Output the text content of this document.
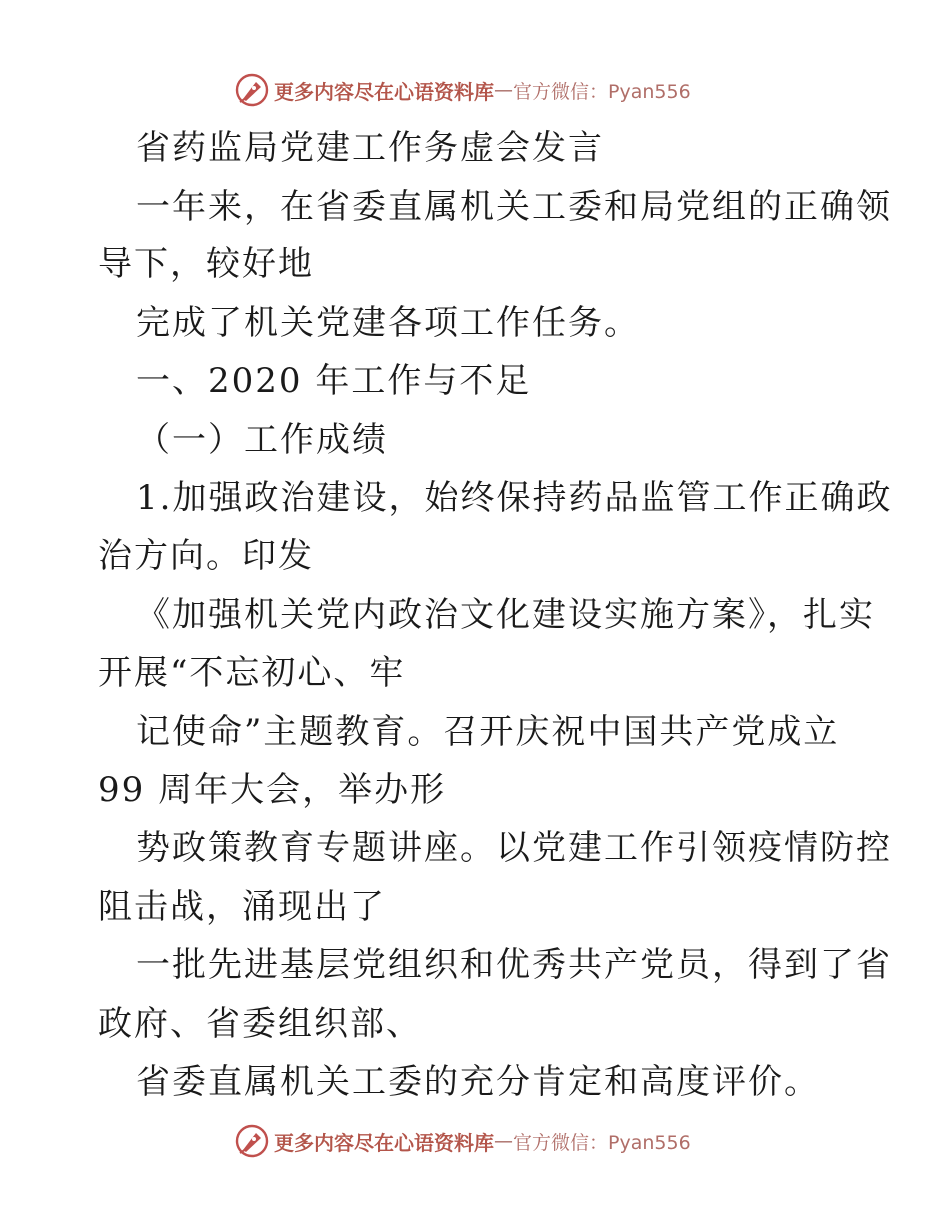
更多内容尽在心语资料库 — 官方微信：Pyan556
省药监局党建工作务虚会发言
一年来，在省委直属机关工委和局党组的正确领
导下，较好地
完成了机关党建各项工作任务。
一、2020 年工作与不足
（一）工作成绩
1.加强政治建设，始终保持药品监管工作正确政
治方向。印发
《加强机关党内政治文化建设实施方案》，扎实
开展“不忘初心、牢
记使命”主题教育。召开庆祝中国共产党成立
99 周年大会，举办形
势政策教育专题讲座。以党建工作引领疫情防控
阻击战，涌现出了
一批先进基层党组织和优秀共产党员，得到了省
政府、省委组织部、
省委直属机关工委的充分肯定和高度评价。
更多内容尽在心语资料库 — 官方微信：Pyan556
